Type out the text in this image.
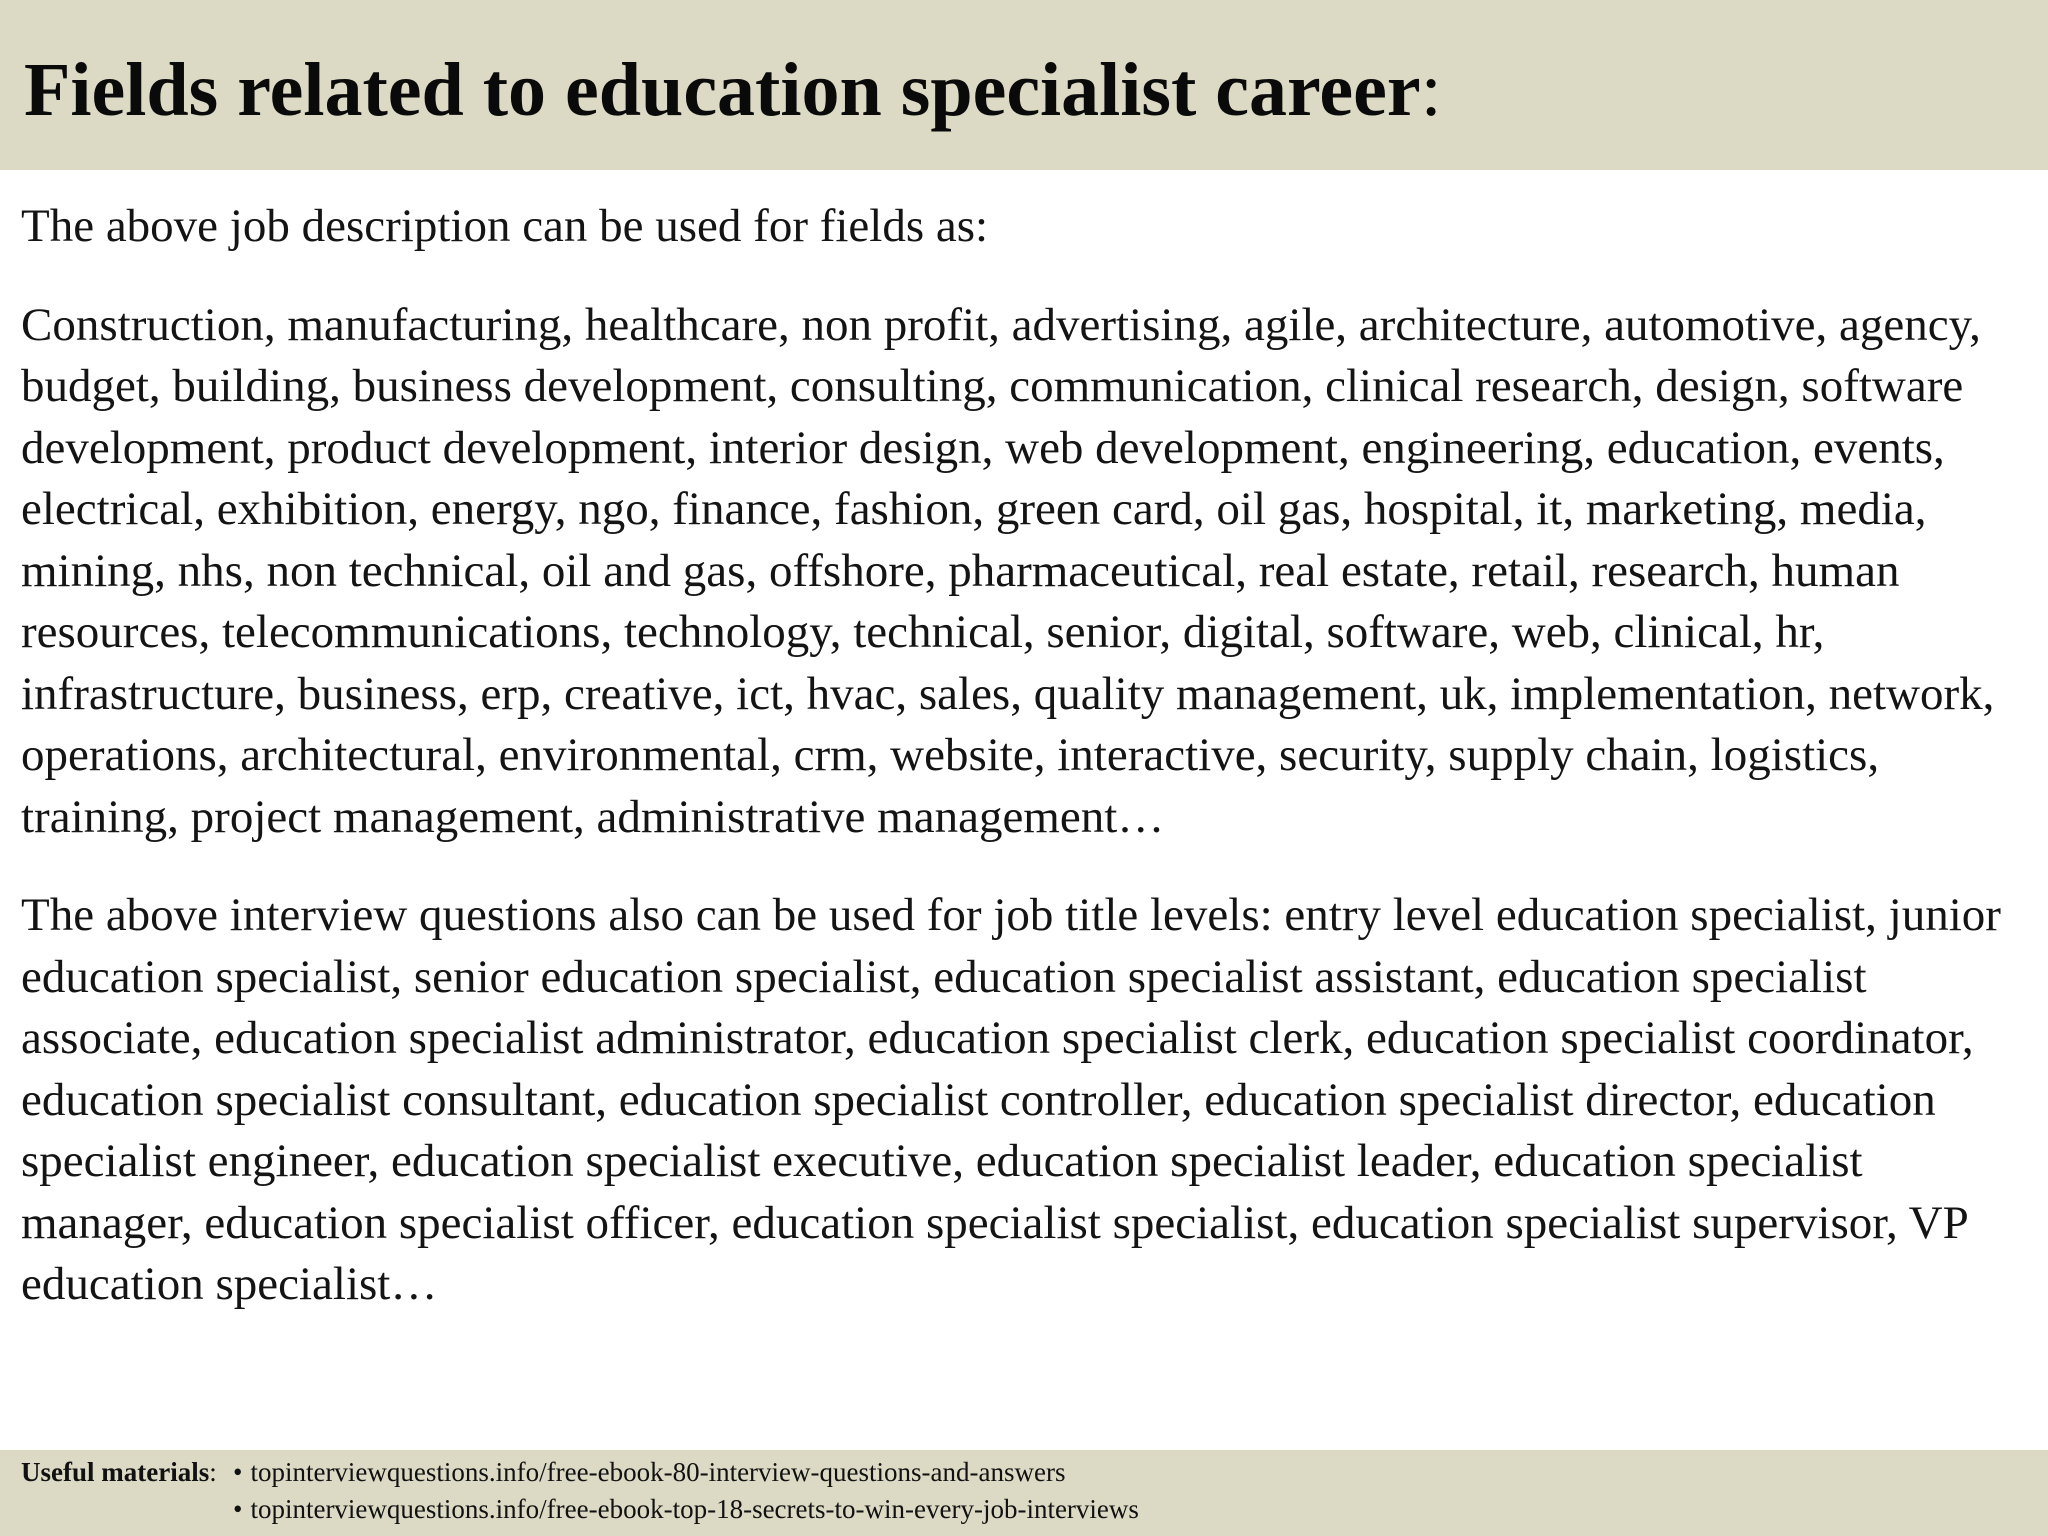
Fields related to education specialist career:

The above job description can be used for fields as:

Construction, manufacturing, healthcare, non profit, advertising, agile, architecture, automotive, agency, budget, building, business development, consulting, communication, clinical research, design, software development, product development, interior design, web development, engineering, education, events, electrical, exhibition, energy, ngo, finance, fashion, green card, oil gas, hospital, it, marketing, media, mining, nhs, non technical, oil and gas, offshore, pharmaceutical, real estate, retail, research, human resources, telecommunications, technology, technical, senior, digital, software, web, clinical, hr, infrastructure, business, erp, creative, ict, hvac, sales, quality management, uk, implementation, network, operations, architectural, environmental, crm, website, interactive, security, supply chain, logistics, training, project management, administrative management…

The above interview questions also can be used for job title levels: entry level education specialist, junior education specialist, senior education specialist, education specialist assistant, education specialist associate, education specialist administrator, education specialist clerk, education specialist coordinator, education specialist consultant, education specialist controller, education specialist director, education specialist engineer, education specialist executive, education specialist leader, education specialist manager, education specialist officer, education specialist specialist, education specialist supervisor, VP education specialist…

Useful materials: • topinterviewquestions.info/free-ebook-80-interview-questions-and-answers
• topinterviewquestions.info/free-ebook-top-18-secrets-to-win-every-job-interviews
